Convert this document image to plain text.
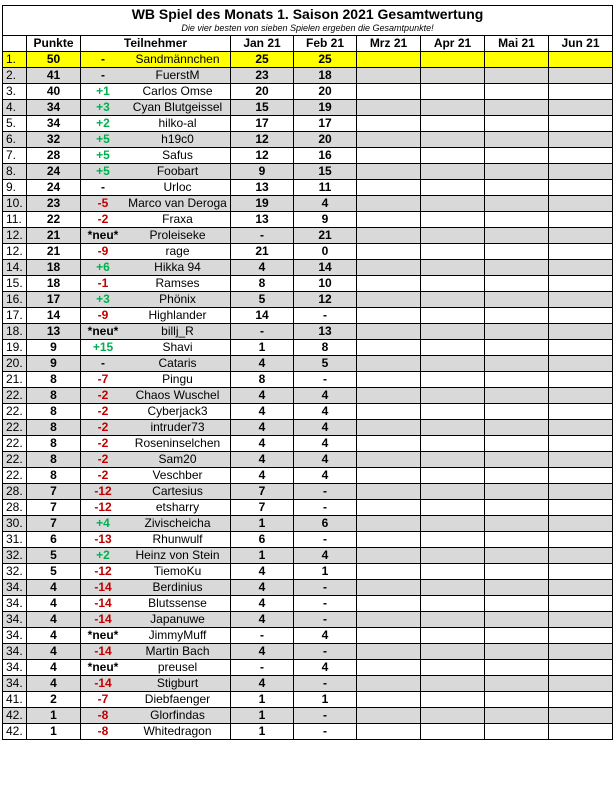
WB Spiel des Monats 1. Saison 2021 Gesamtwertung								
Die vier besten von sieben Spielen ergeben die Gesamtpunkte!								
	Punkte	Teilnehmer	Jan 21	Feb 21	Mrz 21	Apr 21	Mai 21	Jun 21
1.	50	- Sandmännchen	25	25				
2.	41	- FuerstM	23	18				
3.	40	+1 Carlos Omse	20	20				
4.	34	+3 Cyan Blutgeissel	15	19				
5.	34	+2 hilko-al	17	17				
6.	32	+5 h19c0	12	20				
7.	28	+5 Safus	12	16				
8.	24	+5 Foobart	9	15				
9.	24	- Urloc	13	11				
10.	23	-5 Marco van Deroga	19	4				
11.	22	-2 Fraxa	13	9				
12.	21	*neu* Proleiseke	-	21				
12.	21	-9 rage	21	0				
14.	18	+6 Hikka 94	4	14				
15.	18	-1 Ramses	8	10				
16.	17	+3 Phönix	5	12				
17.	14	-9 Highlander	14	-				
18.	13	*neu* billj_R	-	13				
19.	9	+15 Shavi	1	8				
20.	9	- Cataris	4	5				
21.	8	-7 Pingu	8	-				
22.	8	-2 Chaos Wuschel	4	4				
22.	8	-2 Cyberjack3	4	4				
22.	8	-2 intruder73	4	4				
22.	8	-2 Roseninselchen	4	4				
22.	8	-2 Sam20	4	4				
22.	8	-2 Veschber	4	4				
28.	7	-12 Cartesius	7	-				
28.	7	-12 etsharry	7	-				
30.	7	+4 Zivischeicha	1	6				
31.	6	-13 Rhunwulf	6	-				
32.	5	+2 Heinz von Stein	1	4				
32.	5	-12 TiemoKu	4	1				
34.	4	-14 Berdinius	4	-				
34.	4	-14 Blutssense	4	-				
34.	4	-14 Japanuwe	4	-				
34.	4	*neu* JimmyMuff	-	4				
34.	4	-14 Martin Bach	4	-				
34.	4	*neu* preusel	-	4				
34.	4	-14 Stigburt	4	-				
41.	2	-7 Diebfaenger	1	1				
42.	1	-8 Glorfindas	1	-				
42.	1	-8 Whitedragon	1	-				
